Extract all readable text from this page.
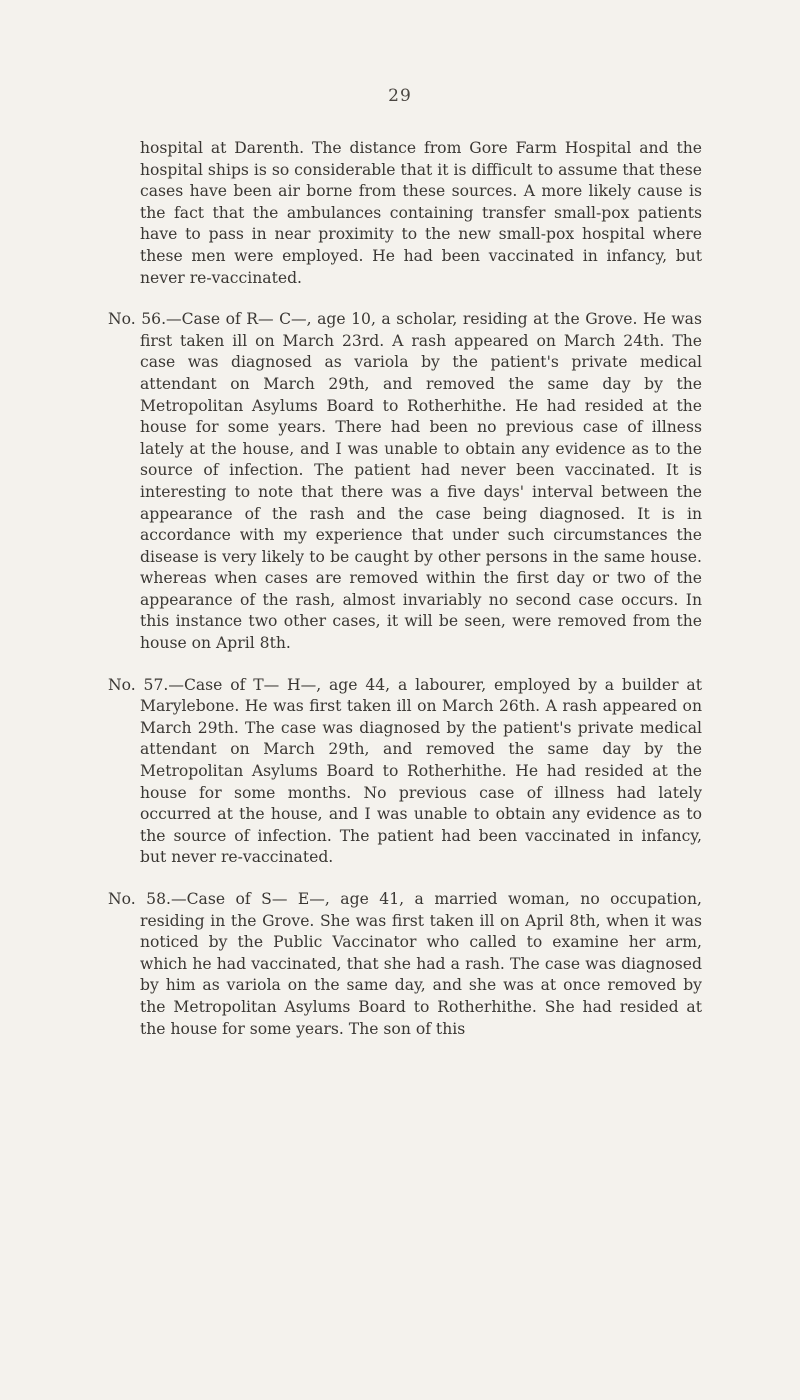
29

hospital at Darenth. The distance from Gore Farm Hospital and the hospital ships is so considerable that it is difficult to assume that these cases have been air borne from these sources. A more likely cause is the fact that the ambulances containing transfer small-pox patients have to pass in near proximity to the new small-pox hospital where these men were employed. He had been vaccinated in infancy, but never re-vaccinated.

No. 56.—Case of R— C—, age 10, a scholar, residing at the Grove. He was first taken ill on March 23rd. A rash appeared on March 24th. The case was diagnosed as variola by the patient's private medical attendant on March 29th, and removed the same day by the Metropolitan Asylums Board to Rotherhithe. He had resided at the house for some years. There had been no previous case of illness lately at the house, and I was unable to obtain any evidence as to the source of infection. The patient had never been vaccinated. It is interesting to note that there was a five days' interval between the appearance of the rash and the case being diagnosed. It is in accordance with my experience that under such circumstances the disease is very likely to be caught by other persons in the same house. whereas when cases are removed within the first day or two of the appearance of the rash, almost invariably no second case occurs. In this instance two other cases, it will be seen, were removed from the house on April 8th.

No. 57.—Case of T— H—, age 44, a labourer, employed by a builder at Marylebone. He was first taken ill on March 26th. A rash appeared on March 29th. The case was diagnosed by the patient's private medical attendant on March 29th, and removed the same day by the Metropolitan Asylums Board to Rotherhithe. He had resided at the house for some months. No previous case of illness had lately occurred at the house, and I was unable to obtain any evidence as to the source of infection. The patient had been vaccinated in infancy, but never re-vaccinated.

No. 58.—Case of S— E—, age 41, a married woman, no occupation, residing in the Grove. She was first taken ill on April 8th, when it was noticed by the Public Vaccinator who called to examine her arm, which he had vaccinated, that she had a rash. The case was diagnosed by him as variola on the same day, and she was at once removed by the Metropolitan Asylums Board to Rotherhithe. She had resided at the house for some years. The son of this
